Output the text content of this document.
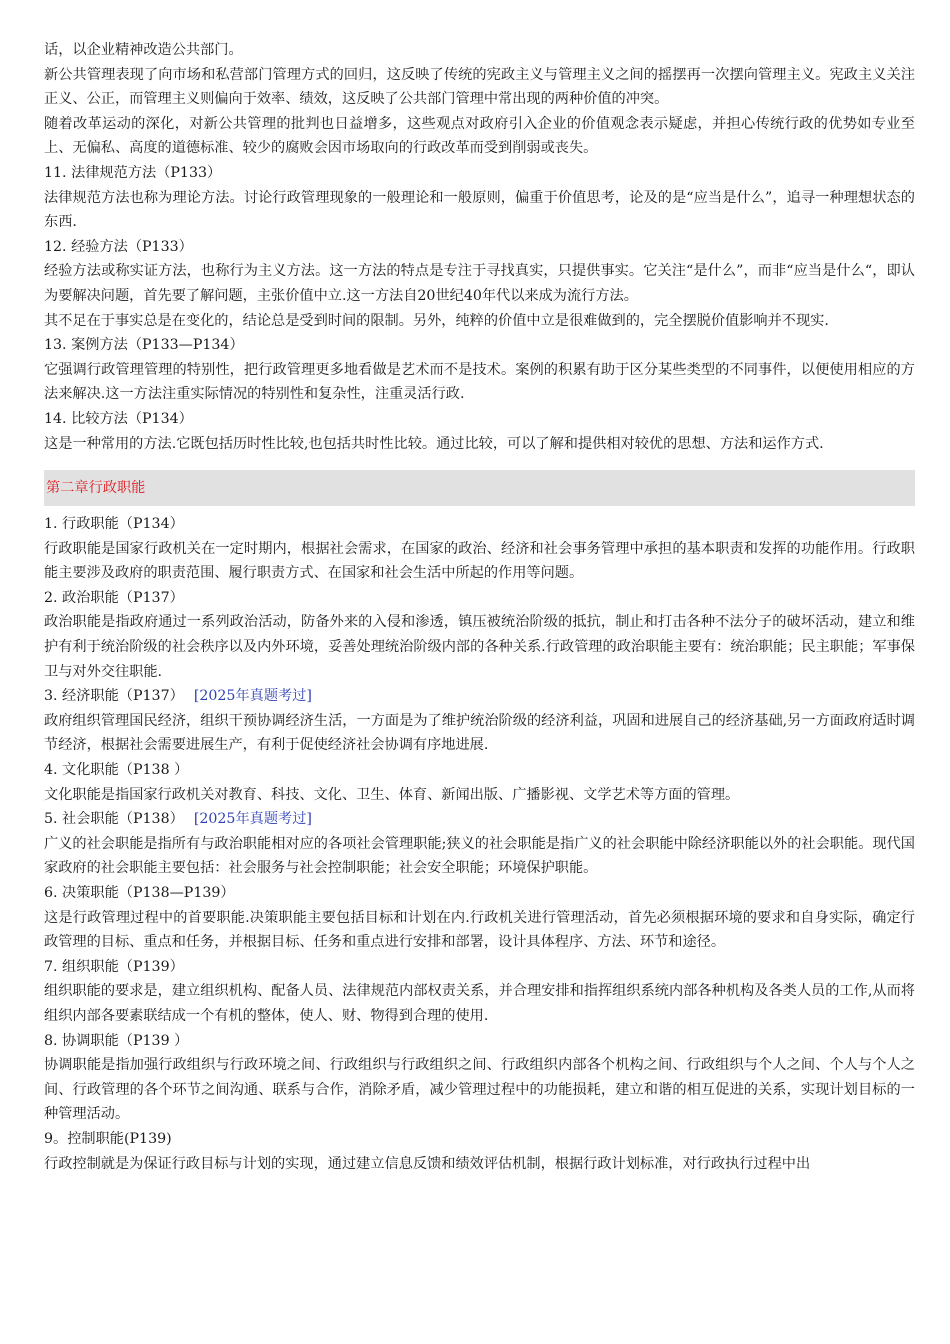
话，以企业精神改造公共部门。

新公共管理表现了向市场和私营部门管理方式的回归，这反映了传统的宪政主义与管理主义之间的摇摆再一次摆向管理主义。宪政主义关注正义、公正，而管理主义则偏向于效率、绩效，这反映了公共部门管理中常出现的两种价值的冲突。

随着改革运动的深化，对新公共管理的批判也日益增多，这些观点对政府引入企业的价值观念表示疑虑，并担心传统行政的优势如专业至上、无偏私、高度的道德标准、较少的腐败会因市场取向的行政改革而受到削弱或丧失。

11. 法律规范方法（P133）

法律规范方法也称为理论方法。讨论行政管理现象的一般理论和一般原则，偏重于价值思考，论及的是“应当是什么”，追寻一种理想状态的东西.

12. 经验方法（P133）

经验方法或称实证方法，也称行为主义方法。这一方法的特点是专注于寻找真实，只提供事实。它关注“是什么”，而非“应当是什么“，即认为要解决问题，首先要了解问题，主张价值中立.这一方法自20世纪40年代以来成为流行方法。

其不足在于事实总是在变化的，结论总是受到时间的限制。另外，纯粹的价值中立是很难做到的，完全摆脱价值影响并不现实.

13. 案例方法（P133—P134）

它强调行政管理管理的特别性，把行政管理更多地看做是艺术而不是技术。案例的积累有助于区分某些类型的不同事件，以便使用相应的方法来解决.这一方法注重实际情况的特别性和复杂性，注重灵活行政.

14. 比较方法（P134）

这是一种常用的方法.它既包括历时性比较,也包括共时性比较。通过比较，可以了解和提供相对较优的思想、方法和运作方式.

第二章行政职能

1. 行政职能（P134）

行政职能是国家行政机关在一定时期内，根据社会需求，在国家的政治、经济和社会事务管理中承担的基本职责和发挥的功能作用。行政职能主要涉及政府的职责范围、履行职责方式、在国家和社会生活中所起的作用等问题。

2. 政治职能（P137）

政治职能是指政府通过一系列政治活动，防备外来的入侵和渗透，镇压被统治阶级的抵抗，制止和打击各种不法分子的破坏活动，建立和维护有利于统治阶级的社会秩序以及内外环境，妥善处理统治阶级内部的各种关系.行政管理的政治职能主要有：统治职能；民主职能；军事保卫与对外交往职能.

3. 经济职能（P137） [2025年真题考过]

政府组织管理国民经济，组织干预协调经济生活，一方面是为了维护统治阶级的经济利益，巩固和进展自己的经济基础,另一方面政府适时调节经济，根据社会需要进展生产，有利于促使经济社会协调有序地进展.

4. 文化职能（P138 ）

文化职能是指国家行政机关对教育、科技、文化、卫生、体育、新闻出版、广播影视、文学艺术等方面的管理。

5. 社会职能（P138） [2025年真题考过]

广义的社会职能是指所有与政治职能相对应的各项社会管理职能;狭义的社会职能是指广义的社会职能中除经济职能以外的社会职能。现代国家政府的社会职能主要包括：社会服务与社会控制职能；社会安全职能；环境保护职能。

6. 决策职能（P138—P139）

这是行政管理过程中的首要职能.决策职能主要包括目标和计划在内.行政机关进行管理活动，首先必须根据环境的要求和自身实际，确定行政管理的目标、重点和任务，并根据目标、任务和重点进行安排和部署，设计具体程序、方法、环节和途径。

7. 组织职能（P139）

组织职能的要求是，建立组织机构、配备人员、法律规范内部权责关系，并合理安排和指挥组织系统内部各种机构及各类人员的工作,从而将组织内部各要素联结成一个有机的整体，使人、财、物得到合理的使用.

8. 协调职能（P139 ）

协调职能是指加强行政组织与行政环境之间、行政组织与行政组织之间、行政组织内部各个机构之间、行政组织与个人之间、个人与个人之间、行政管理的各个环节之间沟通、联系与合作，消除矛盾，减少管理过程中的功能损耗，建立和谐的相互促进的关系，实现计划目标的一种管理活动。

9。控制职能(P139)

行政控制就是为保证行政目标与计划的实现，通过建立信息反馈和绩效评估机制，根据行政计划标准，对行政执行过程中出
